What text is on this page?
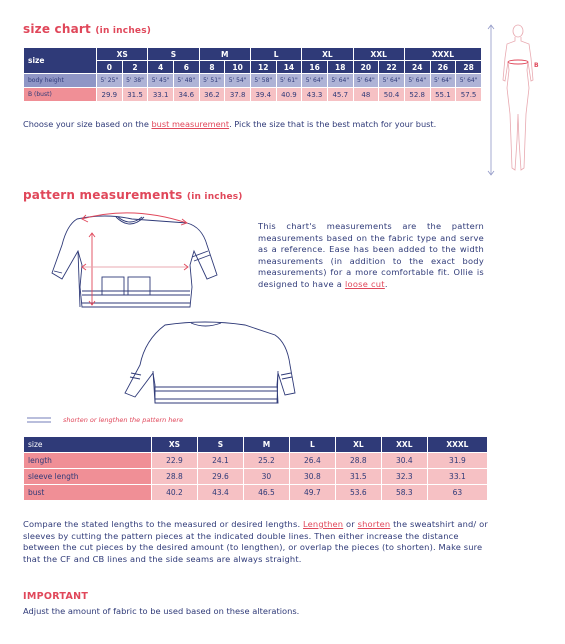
size chart (in inches)
size	XS		S		M		L		XL		XXL		XXXL		
	0	2	4	6	8	10	12	14	16	18	20	22	24	26	28
body height	5' 25"	5' 38"	5' 45"	5' 48"	5' 51"	5' 54"	5' 58"	5' 61"	5' 64"	5' 64"	5' 64"	5' 64"	5' 64"	5' 64"	5' 64"
B (bust)	29.9	31.5	33.1	34.6	36.2	37.8	39.4	40.9	43.3	45.7	48	50.4	52.8	55.1	57.5
Choose your size based on the bust measurement. Pick the size that is the best match for your bust.
B
pattern measurements (in inches)
This chart's measurements are the pattern measurements based on the fabric type and serve as a reference. Ease has been added to the width measurements (in addition to the exact body measurements) for a more comfortable fit. Ollie is designed to have a loose cut.
shorten or lengthen the pattern here
size	XS	S	M	L	XL	XXL	XXXL
length	22.9	24.1	25.2	26.4	28.8	30.4	31.9
sleeve length	28.8	29.6	30	30.8	31.5	32.3	33.1
bust	40.2	43.4	46.5	49.7	53.6	58.3	63
Compare the stated lengths to the measured or desired lengths. Lengthen or shorten the sweatshirt and/ or sleeves by cutting the pattern pieces at the indicated double lines. Then either increase the distance between the cut pieces by the desired amount (to lengthen), or overlap the pieces (to shorten). Make sure that the CF and CB lines and the side seams are always straight.
IMPORTANT
Adjust the amount of fabric to be used based on these alterations.
